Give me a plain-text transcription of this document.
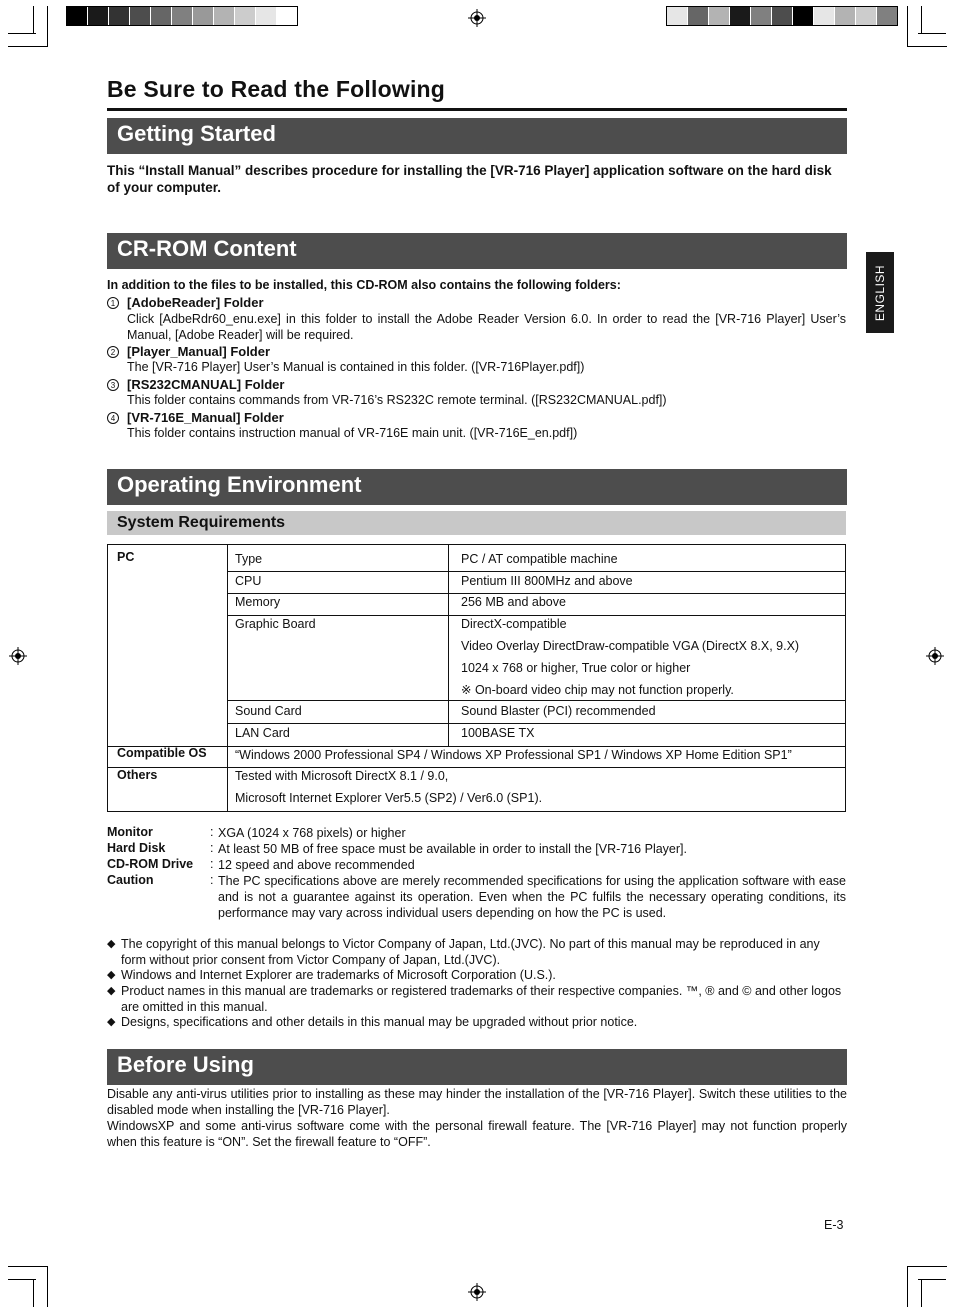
Be Sure to Read the Following
ENGLISH
Getting Started
This “Install Manual” describes procedure for installing the [VR-716 Player] application software on the hard disk of your computer.
CR-ROM Content
In addition to the files to be installed, this CD-ROM also contains the following folders:
1 [AdobeReader] Folder
Click [AdbeRdr60_enu.exe] in this folder to install the Adobe Reader Version 6.0. In order to read the [VR-716 Player] User’s Manual, [Adobe Reader] will be required.
2 [Player_Manual] Folder
The [VR-716 Player] User’s Manual is contained in this folder. ([VR-716Player.pdf])
3 [RS232CMANUAL] Folder
This folder contains commands from VR-716’s RS232C remote terminal. ([RS232CMANUAL.pdf])
4 [VR-716E_Manual] Folder
This folder contains instruction manual of VR-716E main unit. ([VR-716E_en.pdf])
Operating Environment
System Requirements
PC	Type	PC / AT compatible machine
CPU	Pentium III 800MHz and above
Memory	256 MB and above
Graphic Board	DirectX-compatible
Video Overlay DirectDraw-compatible VGA (DirectX 8.X, 9.X)
1024 x 768 or higher, True color or higher
※ On-board video chip may not function properly.
Sound Card	Sound Blaster (PCI) recommended
LAN Card	100BASE TX
Compatible OS “Windows 2000 Professional SP4 / Windows XP Professional SP1 / Windows XP Home Edition SP1”
Others	Tested with Microsoft DirectX 8.1 / 9.0,
Microsoft Internet Explorer Ver5.5 (SP2) / Ver6.0 (SP1).
Monitor	: XGA (1024 x 768 pixels) or higher
Hard Disk	: At least 50 MB of free space must be available in order to install the [VR-716 Player].
CD-ROM Drive : 12 speed and above recommended
Caution	: The PC specifications above are merely recommended specifications for using the application software with ease and is not a guarantee against its operation. Even when the PC fulfils the necessary operating conditions, its performance may vary across individual users depending on how the PC is used.
◆ The copyright of this manual belongs to Victor Company of Japan, Ltd.(JVC). No part of this manual may be reproduced in any form without prior consent from Victor Company of Japan, Ltd.(JVC).
◆ Windows and Internet Explorer are trademarks of Microsoft Corporation (U.S.).
◆ Product names in this manual are trademarks or registered trademarks of their respective companies. ™, ® and © and other logos are omitted in this manual.
◆ Designs, specifications and other details in this manual may be upgraded without prior notice.
Before Using
Disable any anti-virus utilities prior to installing as these may hinder the installation of the [VR-716 Player]. Switch these utilities to the disabled mode when installing the [VR-716 Player].
WindowsXP and some anti-virus software come with the personal firewall feature. The [VR-716 Player] may not function properly when this feature is “ON”. Set the firewall feature to “OFF”.
E-3
